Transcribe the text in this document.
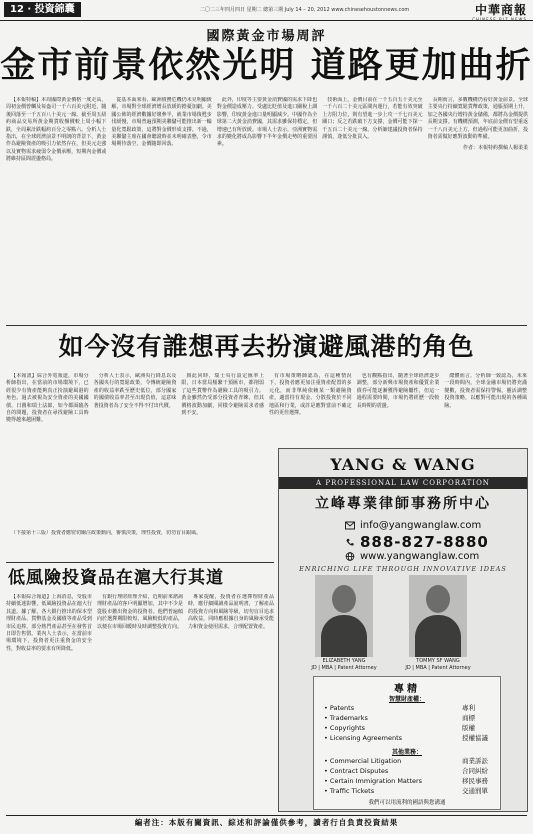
12 · 投資錦囊	二〇二三年四月四日 星期二 總第三期 July 14 – 20, 2012 www.chinesehoustonnews.com	中華商報
CHINESE BIZ NEWS
國際黃金市場周評
金市前景依然光明 道路更加曲折

【本報特稿】本周國際黃金價格一度走高，周初金價曾觸及每盎司一千六百美元附近，隨後回落至一千五百八十美元一線。截至周五紐約商品交易所黃金期貨收盤價較上周小幅下跌，全周累計跌幅約百分之零點六。分析人士指出，在全球經濟前景不明朗的背景下，黃金作為避險資產的吸引力依然存在，但美元走強以及實物需求疲弱令金價承壓，短期內金價或將維持區間震盪格局。

從基本面來看，歐洲債務危機仍未見明顯緩解，市場對全球經濟增長放緩的擔憂加劇。美國公佈的經濟數據好壞參半，就業市場復甦步伐緩慢，市場普遍預期美聯儲可能推出新一輪量化寬鬆政策，這將對金價形成支撐。不過，美聯儲主席在國會聽證時並未明確表態，令市場期待落空，金價隨即回落。

此外，印度等主要黃金消費國的需求下降也對金價造成壓力。受盧比貶值及進口關稅上調影響，印度黃金進口量明顯減少。中國作為全球第二大黃金消費國，其需求雖保持穩定，但增速已有所放緩。市場人士表示，亞洲實物需求的變化將成為影響下半年金價走勢的重要因素。

技術面上，金價目前在一千五百五十美元至一千六百二十美元區間內運行，若能有效突破上方阻力位，則有望進一步上攻一千七百美元關口；反之若跌破下方支撐，金價可能下探一千五百二十美元一線。分析師建議投資者保持謹慎，逢低分批買入。

長期而言，多數機構仍看好黃金前景。全球主要央行持續寬鬆貨幣政策，通脹預期上升，加之各國央行增持黃金儲備，都將為金價提供長期支撐。有機構預測，年底前金價有望重返一千八百美元上方，但過程可能更加曲折，投資者需做好應對波動的準備。

作者：本報特約撰稿人楊柔柔
如今沒有誰想再去扮演避風港的角色

【本報訊】綜合外電報道，市場分析師指出，在當前的市場環境下，已經很少有資產能夠真正扮演避風港的角色。過去被視為安全資產的美國國債、日圓和瑞士法郎，如今都面臨各自的問題，投資者在尋找避險工具時變得越來越困難。

分析人士表示，歐洲央行降息以及各國央行的寬鬆政策，令傳統避險資產的收益率跌至歷史低位，部分國家的國債收益率甚至出現負值，這意味著投資者為了安全不得不付出代價。

與此同時，瑞士央行設定匯率上限，日本當局頻繁干預匯市，都削弱了這些貨幣作為避險工具的吸引力。黃金雖然仍受部分投資者青睞，但其價格波動加劇，同樣令避險需求者感到不安。

有市場策略師認為，在這種情況下，投資者應更加注重資產配置的多元化，而非單純依賴某一類避險資產。適當持有現金、分散投資於不同地區和行業，或許是應對當前不確定性的更佳選擇。

也有觀點指出，隨著全球經濟逐步調整，部分新興市場資產和優質企業債券可能逐漸獲得避險屬性，但這一過程需要時間，市場仍將經歷一段較長時期的震盪。

總體而言，分析師一致認為，未來一段時間內，全球金融市場仍將充滿變數，投資者需保持警惕，靈活調整投資策略，以應對可能出現的各種風險。

（下接第十三版）投資者應密切關注政策動向，審慎決策，理性投資，切勿盲目跟風。

低風險投資品在滬大行其道

【本報綜合報道】上海消息，受股市持續低迷影響，低風險投資品在滬大行其道。據了解，各大銀行推出的保本型理財產品、貨幣基金及國債等產品受到市民追捧，部分熱門產品甚至在發售首日即告售罄。業內人士表示，在當前市場環境下，投資者更注重資金的安全性，對收益率的要求有所降低。

有銀行理財經理介紹，近期前來諮詢理財產品的客戶明顯增加，其中不少是從股市撤出資金的投資者。他們普遍傾向於選擇期限較短、風險較低的產品，以便在市場回暖時及時調整投資方向。

專家提醒，投資者在選擇理財產品時，應仔細閱讀產品說明書，了解產品的投資方向和風險等級，切勿盲目追求高收益，同時應根據自身的風險承受能力和資金使用需求，合理配置資產。

YANG & WANG
A PROFESSIONAL LAW CORPORATION
立峰專業律師事務所中心
info@yangwanglaw.com
888-827-8880
www.yangwanglaw.com
ENRICHING LIFE THROUGH INNOVATIVE IDEAS
ELIZABETH YANG
JD | MBA | Patent Attorney
TOMMY SF WANG
JD | MBA | Patent Attorney
專精
智慧財產權：
• Patents	專利
• Trademarks	商標
• Copyrights	版權
• Licensing Agreements	授權協議
其他業務：
• Commercial Litigation	商業訴訟
• Contract Disputes	合同糾紛
• Certain Immigration Matters	移民事務
• Traffic Tickets	交通罰單
我們可以用流利的國語與您溝通
編者注：本版有關資訊、綜述和評論僅供參考，讀者行自負責投資結果
